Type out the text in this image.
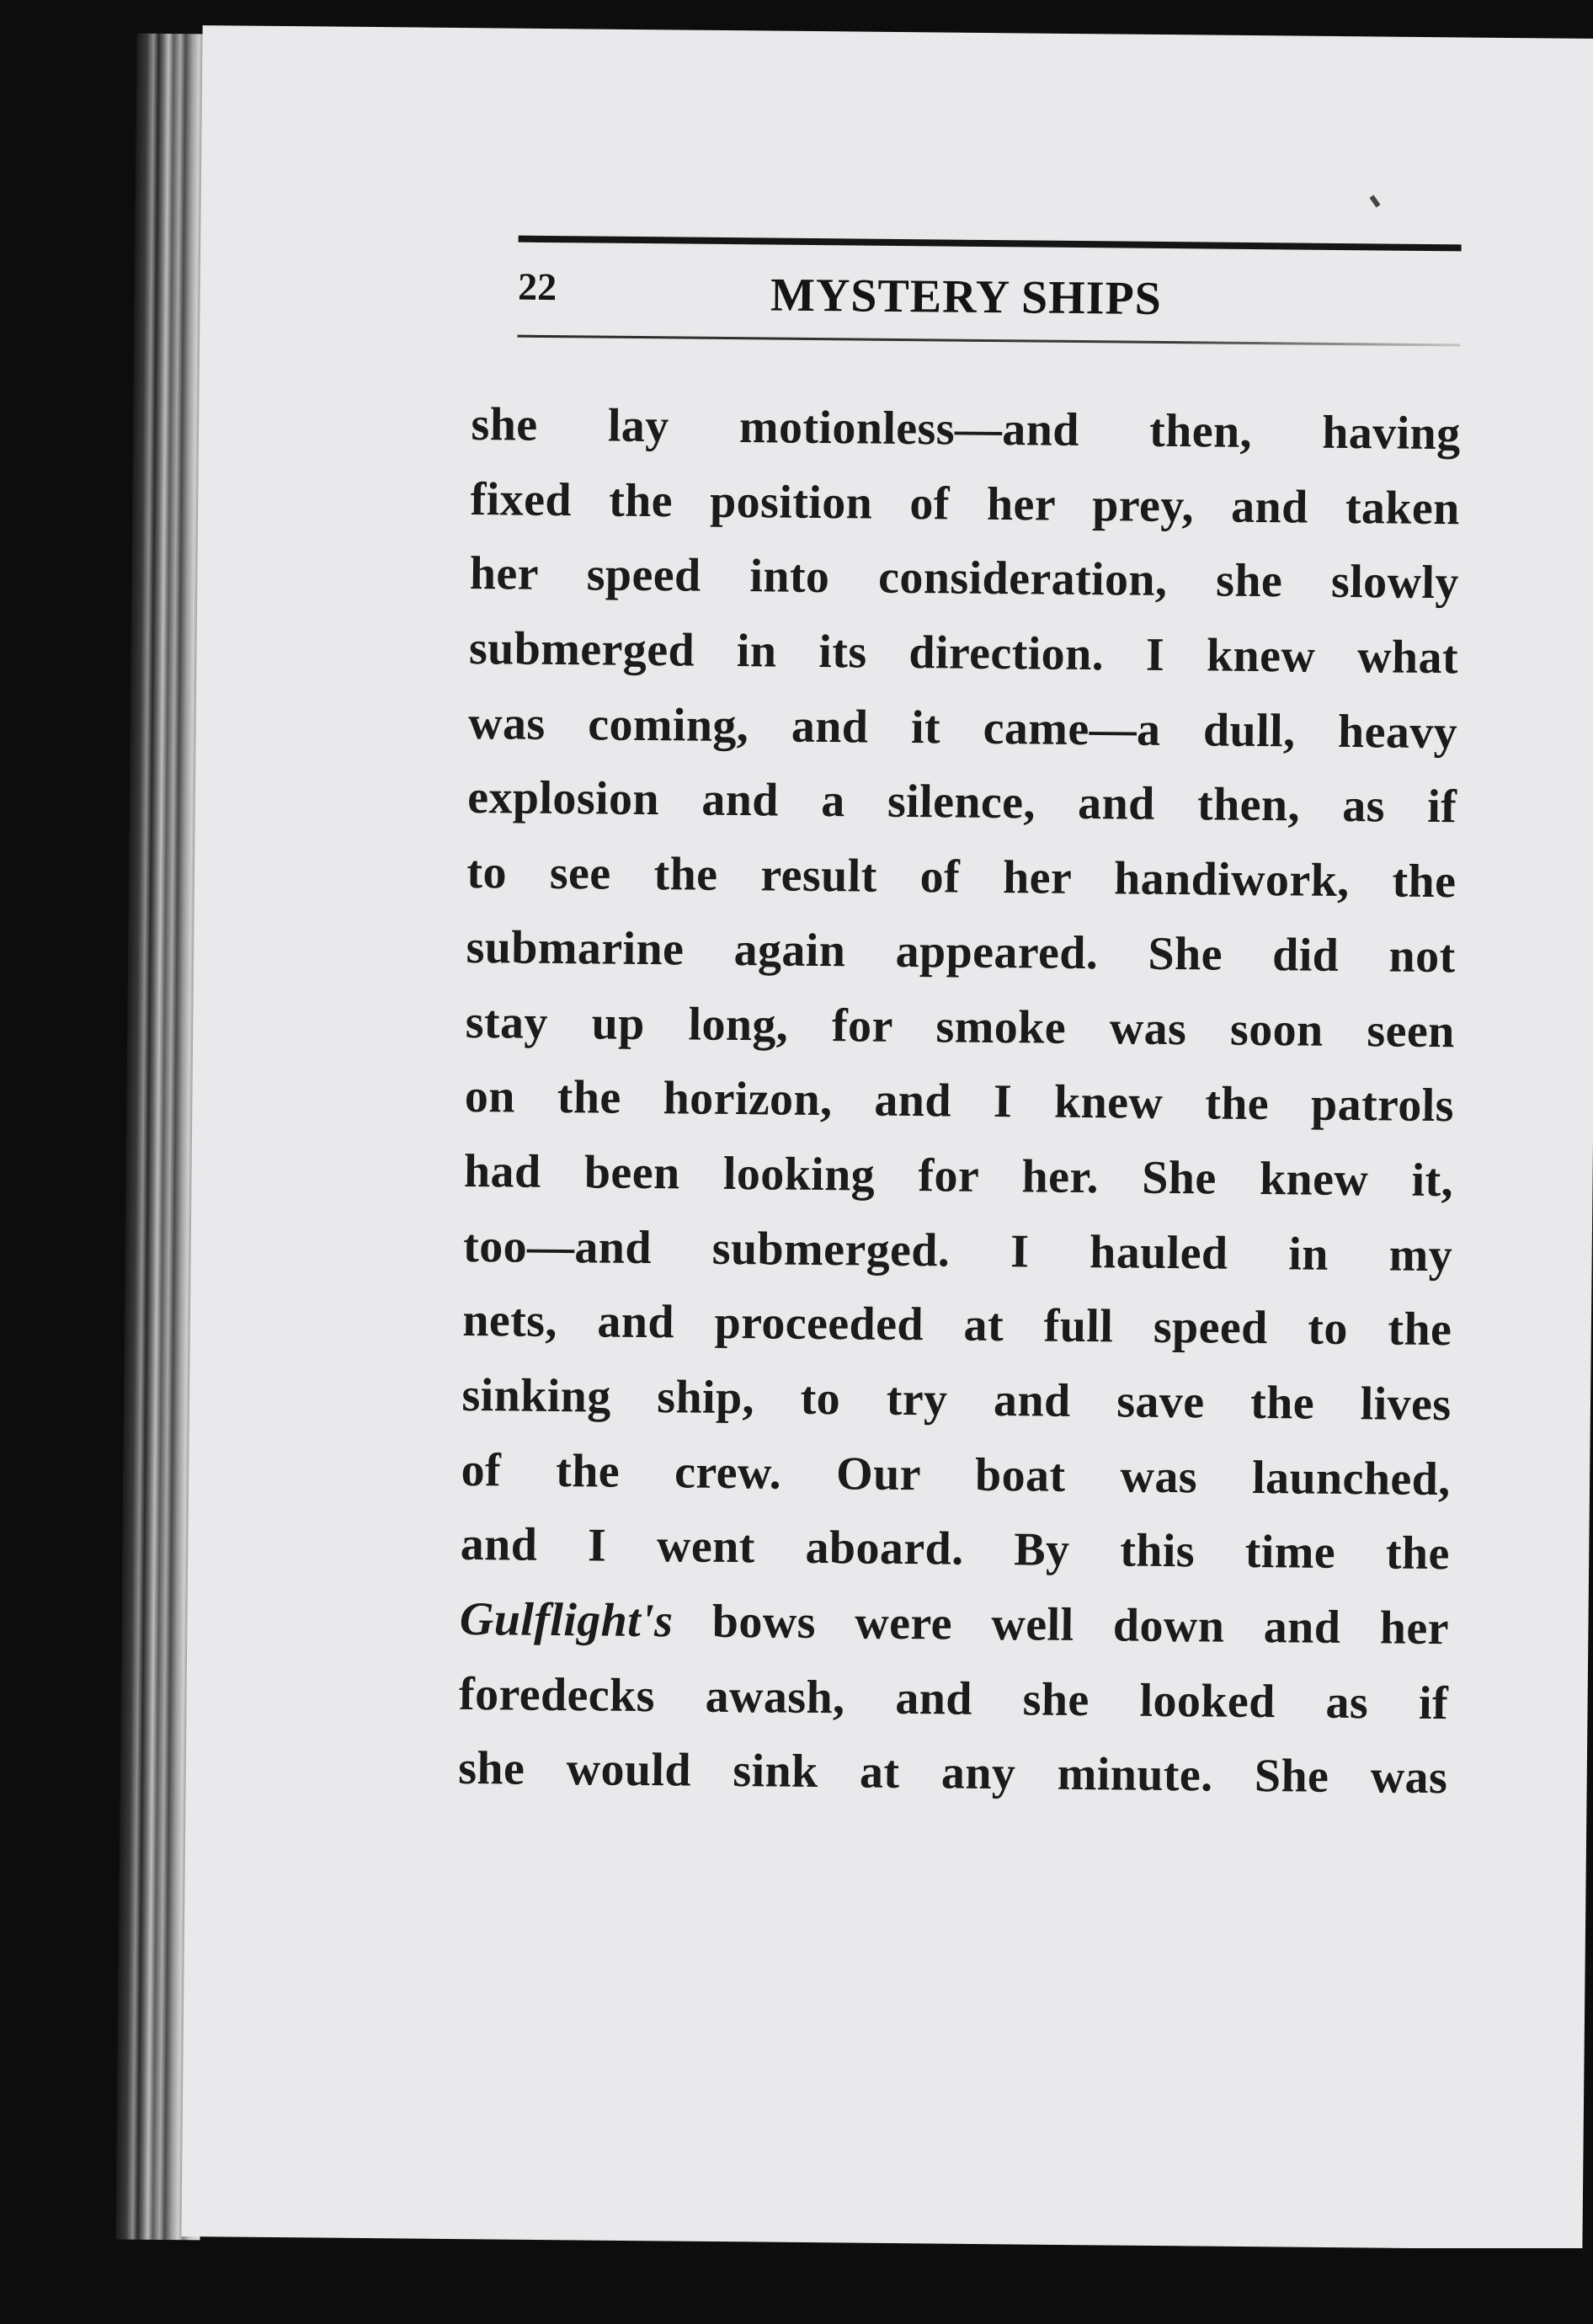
22	MYSTERY SHIPS
she lay motionless—and then, having
fixed the position of her prey, and taken
her speed into consideration, she slowly
submerged in its direction. I knew what
was coming, and it came—a dull, heavy
explosion and a silence, and then, as if
to see the result of her handiwork, the
submarine again appeared. She did not
stay up long, for smoke was soon seen
on the horizon, and I knew the patrols
had been looking for her. She knew it,
too—and submerged. I hauled in my
nets, and proceeded at full speed to the
sinking ship, to try and save the lives
of the crew. Our boat was launched,
and I went aboard. By this time the
Gulflight's bows were well down and her
foredecks awash, and she looked as if
she would sink at any minute. She was
